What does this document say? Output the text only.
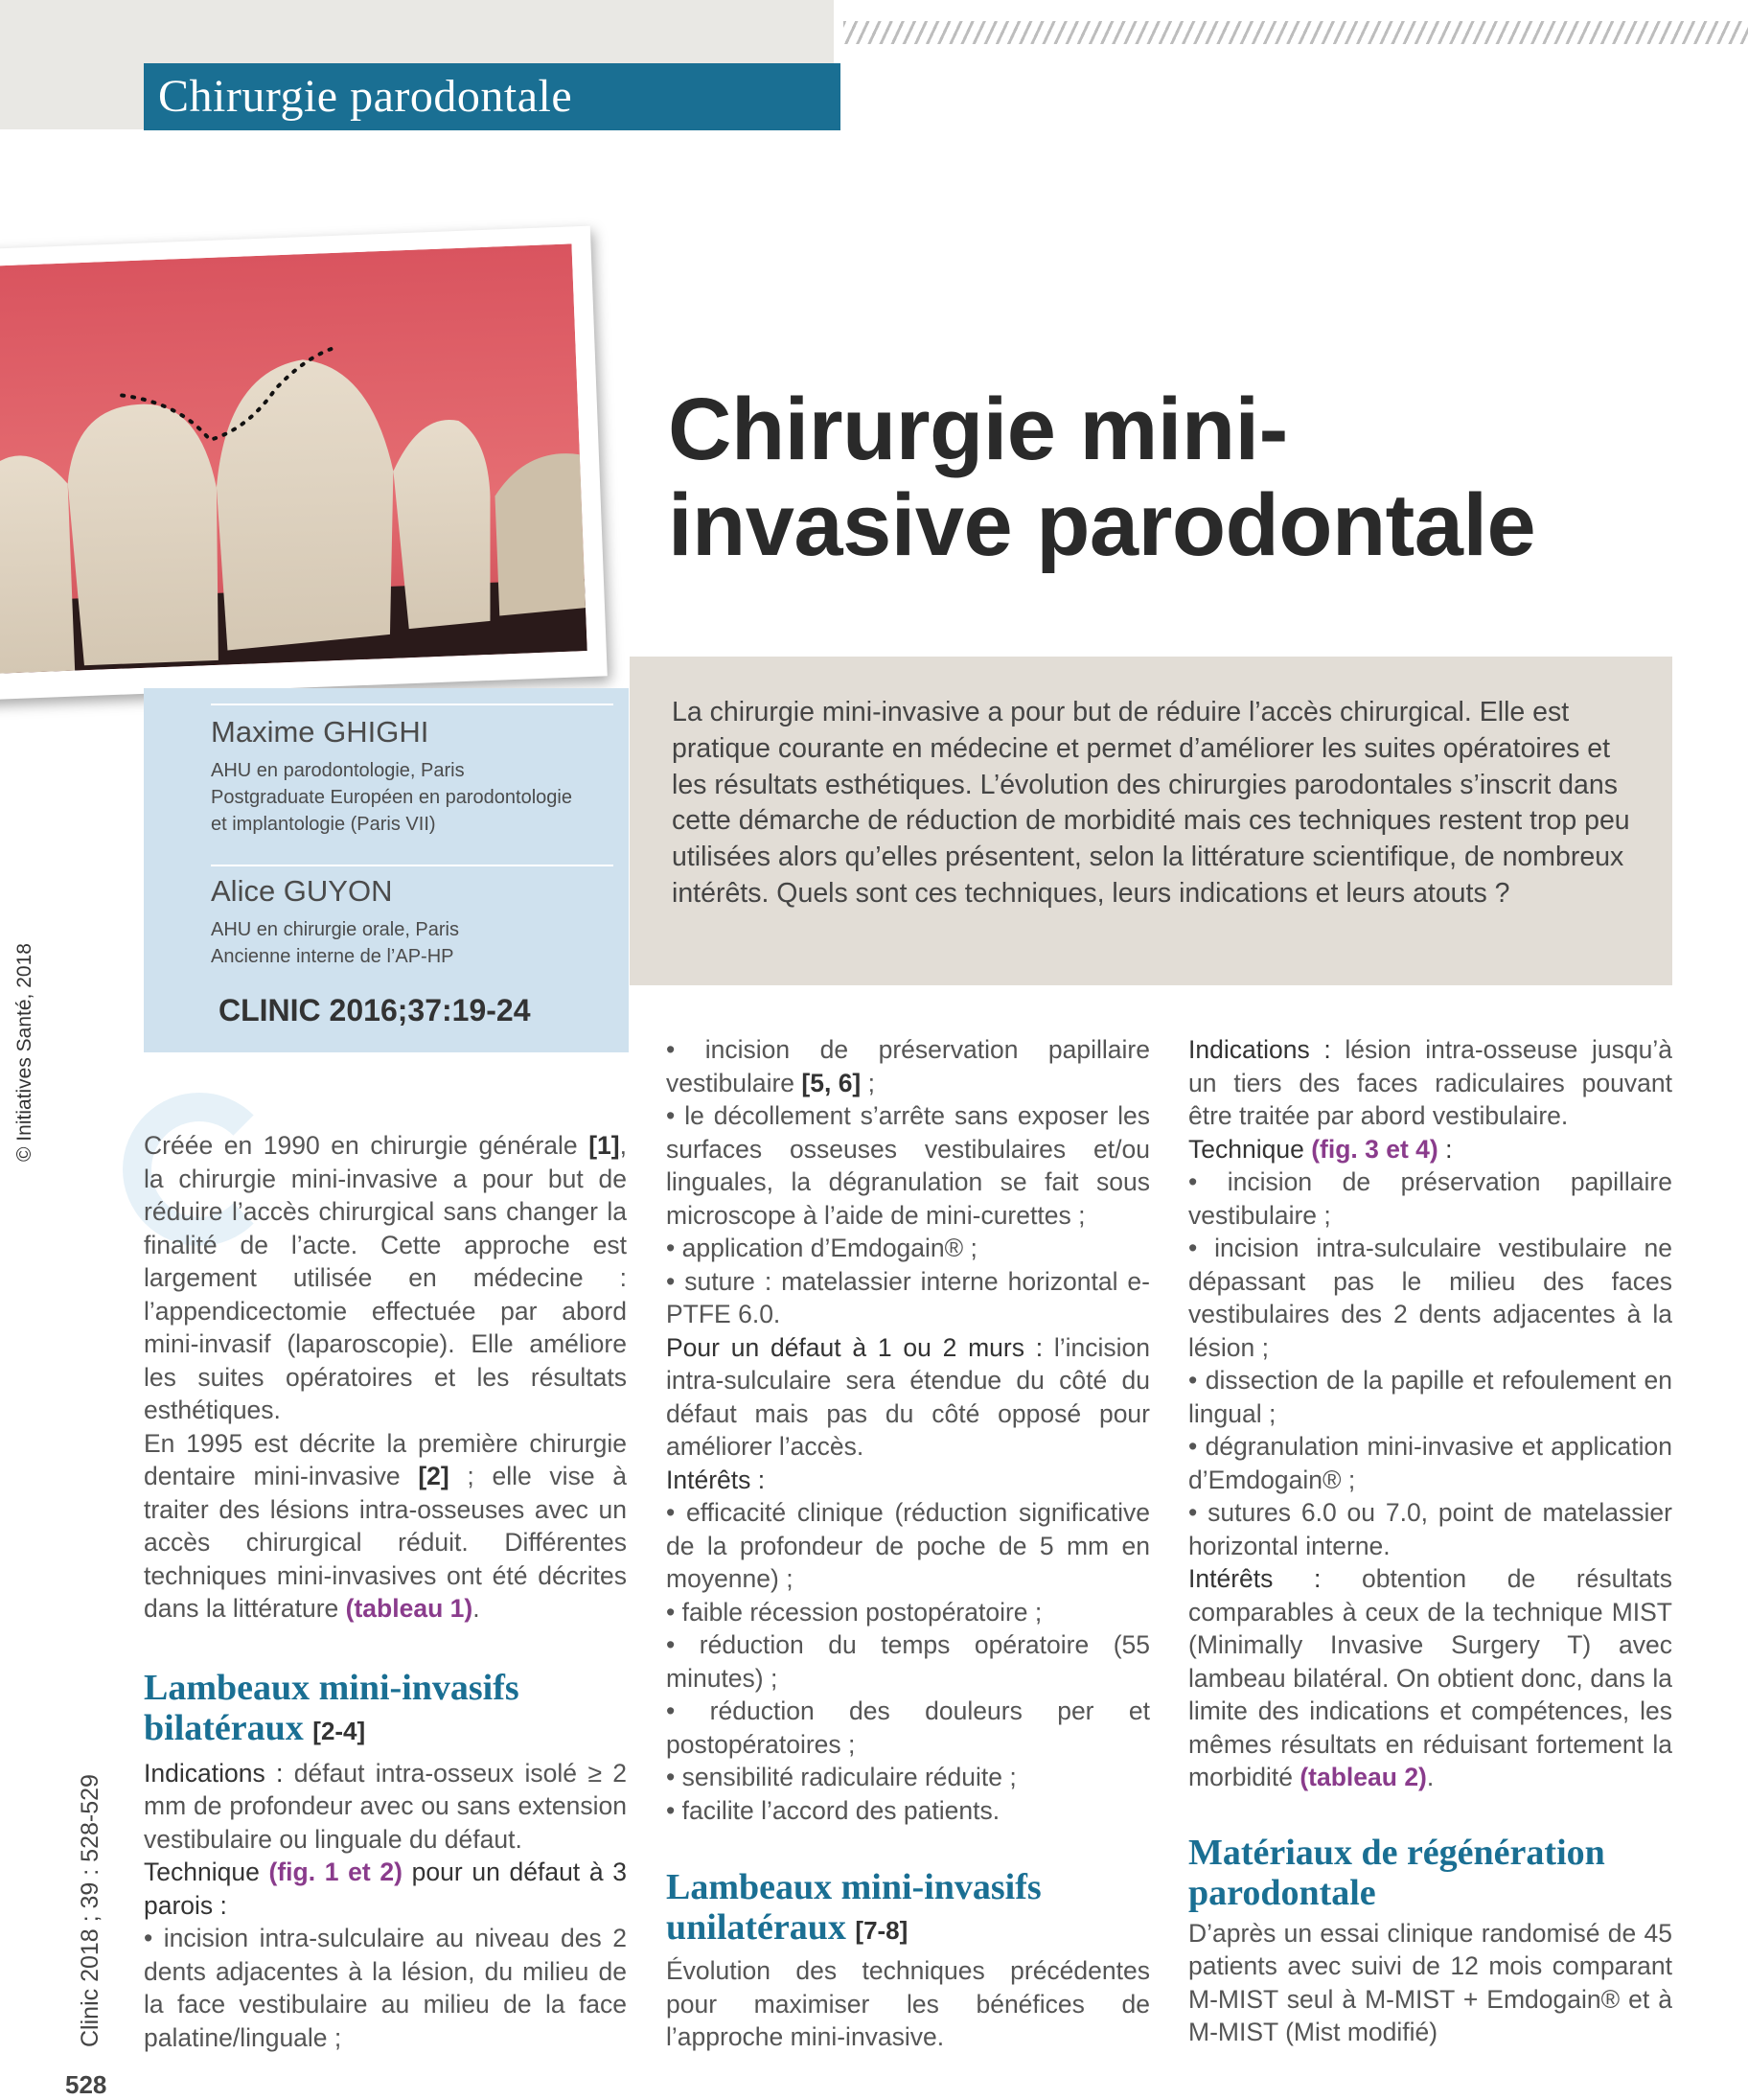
Chirurgie parodontale
Chirurgie mini-
invasive parodontale
Maxime GHIGHI
AHU en parodontologie, Paris
Postgraduate Européen en parodontologie
et implantologie (Paris VII)
Alice GUYON
AHU en chirurgie orale, Paris
Ancienne interne de l’AP-HP
CLINIC 2016;37:19-24

La chirurgie mini-invasive a pour but de réduire l’accès chirurgical. Elle est pratique courante en médecine et permet d’améliorer les suites opératoires et les résultats esthétiques. L’évolution des chirurgies parodontales s’inscrit dans cette démarche de réduction de morbidité mais ces techniques restent trop peu utilisées alors qu’elles présentent, selon la littérature scientifique, de nombreux intérêts. Quels sont ces techniques, leurs indications et leurs atouts ?

© Initiatives Santé, 2018
Clinic 2018 ; 39 : 528-529
528

Créée en 1990 en chirurgie générale [1], la chirurgie mini-invasive a pour but de réduire l’accès chirurgical sans changer la finalité de l’acte. Cette approche est largement utilisée en médecine : l’appendicectomie effectuée par abord mini-invasif (laparoscopie). Elle améliore les suites opératoires et les résultats esthétiques.

En 1995 est décrite la première chirurgie dentaire mini-invasive [2] ; elle vise à traiter des lésions intra-osseuses avec un accès chirurgical réduit. Différentes techniques mini-invasives ont été décrites dans la littérature (tableau 1).

Lambeaux mini-invasifs bilatéraux [2-4]

Indications : défaut intra-osseux isolé ≥ 2 mm de profondeur avec ou sans extension vestibulaire ou linguale du défaut.

Technique (fig. 1 et 2) pour un défaut à 3 parois :

• incision intra-sulculaire au niveau des 2 dents adjacentes à la lésion, du milieu de la face vestibulaire au milieu de la face palatine/linguale ;

• incision de préservation papillaire vestibulaire [5, 6] ;

• le décollement s’arrête sans exposer les surfaces osseuses vestibulaires et/ou linguales, la dégranulation se fait sous microscope à l’aide de mini-curettes ;

• application d’Emdogain® ;

• suture : matelassier interne horizontal e-PTFE 6.0.

Pour un défaut à 1 ou 2 murs : l’incision intra-sulculaire sera étendue du côté du défaut mais pas du côté opposé pour améliorer l’accès.

Intérêts :

• efficacité clinique (réduction significative de la profondeur de poche de 5 mm en moyenne) ;

• faible récession postopératoire ;

• réduction du temps opératoire (55 minutes) ;

• réduction des douleurs per et postopératoires ;

• sensibilité radiculaire réduite ;

• facilite l’accord des patients.

Lambeaux mini-invasifs unilatéraux [7-8]

Évolution des techniques précédentes pour maximiser les bénéfices de l’approche mini-invasive.

Indications : lésion intra-osseuse jusqu’à un tiers des faces radiculaires pouvant être traitée par abord vestibulaire.

Technique (fig. 3 et 4) :

• incision de préservation papillaire vestibulaire ;

• incision intra-sulculaire vestibulaire ne dépassant pas le milieu des faces vestibulaires des 2 dents adjacentes à la lésion ;

• dissection de la papille et refoulement en lingual ;

• dégranulation mini-invasive et application d’Emdogain® ;

• sutures 6.0 ou 7.0, point de matelassier horizontal interne.

Intérêts : obtention de résultats comparables à ceux de la technique MIST (Minimally Invasive Surgery T) avec lambeau bilatéral. On obtient donc, dans la limite des indications et compétences, les mêmes résultats en réduisant fortement la morbidité (tableau 2).

Matériaux de régénération parodontale

D’après un essai clinique randomisé de 45 patients avec suivi de 12 mois comparant M-MIST seul à M-MIST + Emdogain® et à M-MIST (Mist modifié)
